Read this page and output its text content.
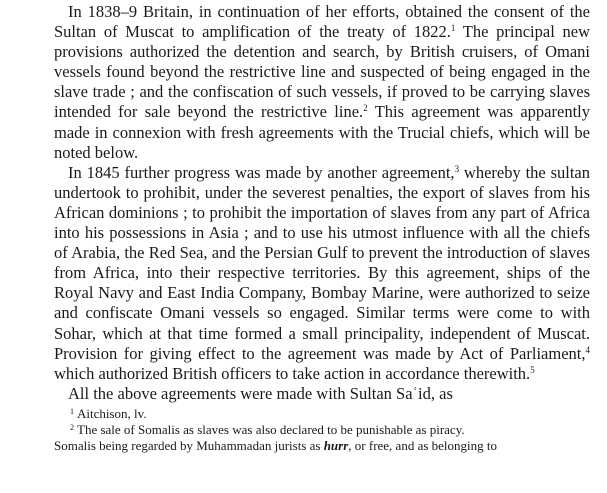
In 1838–9 Britain, in continuation of her efforts, obtained the consent of the Sultan of Muscat to amplification of the treaty of 1822.$^1$ The principal new provisions authorized the detention and search, by British cruisers, of Omani vessels found beyond the restrictive line and suspected of being engaged in the slave trade ; and the confiscation of such vessels, if proved to be carrying slaves intended for sale beyond the restrictive line.$^2$ This agreement was apparently made in connexion with fresh agreements with the Trucial chiefs, which will be noted below.

In 1845 further progress was made by another agreement,$^3$ whereby the sultan undertook to prohibit, under the severest penalties, the export of slaves from his African dominions ; to prohibit the importation of slaves from any part of Africa into his possessions in Asia ; and to use his utmost influence with all the chiefs of Arabia, the Red Sea, and the Persian Gulf to prevent the introduction of slaves from Africa, into their respective territories. By this agreement, ships of the Royal Navy and East India Company, Bombay Marine, were authorized to seize and confiscate Omani vessels so engaged. Similar terms were come to with Sohar, which at that time formed a small principality, independent of Muscat. Provision for giving effect to the agreement was made by Act of Parliament,$^4$ which authorized British officers to take action in accordance therewith.$^5$

All the above agreements were made with Sultan Saʿid, as

$^1$ Aitchison, lv.

$^2$ The sale of Somalis as slaves was also declared to be punishable as piracy.

Somalis being regarded by Muhammadan jurists as hurr, or free, and as belonging to
